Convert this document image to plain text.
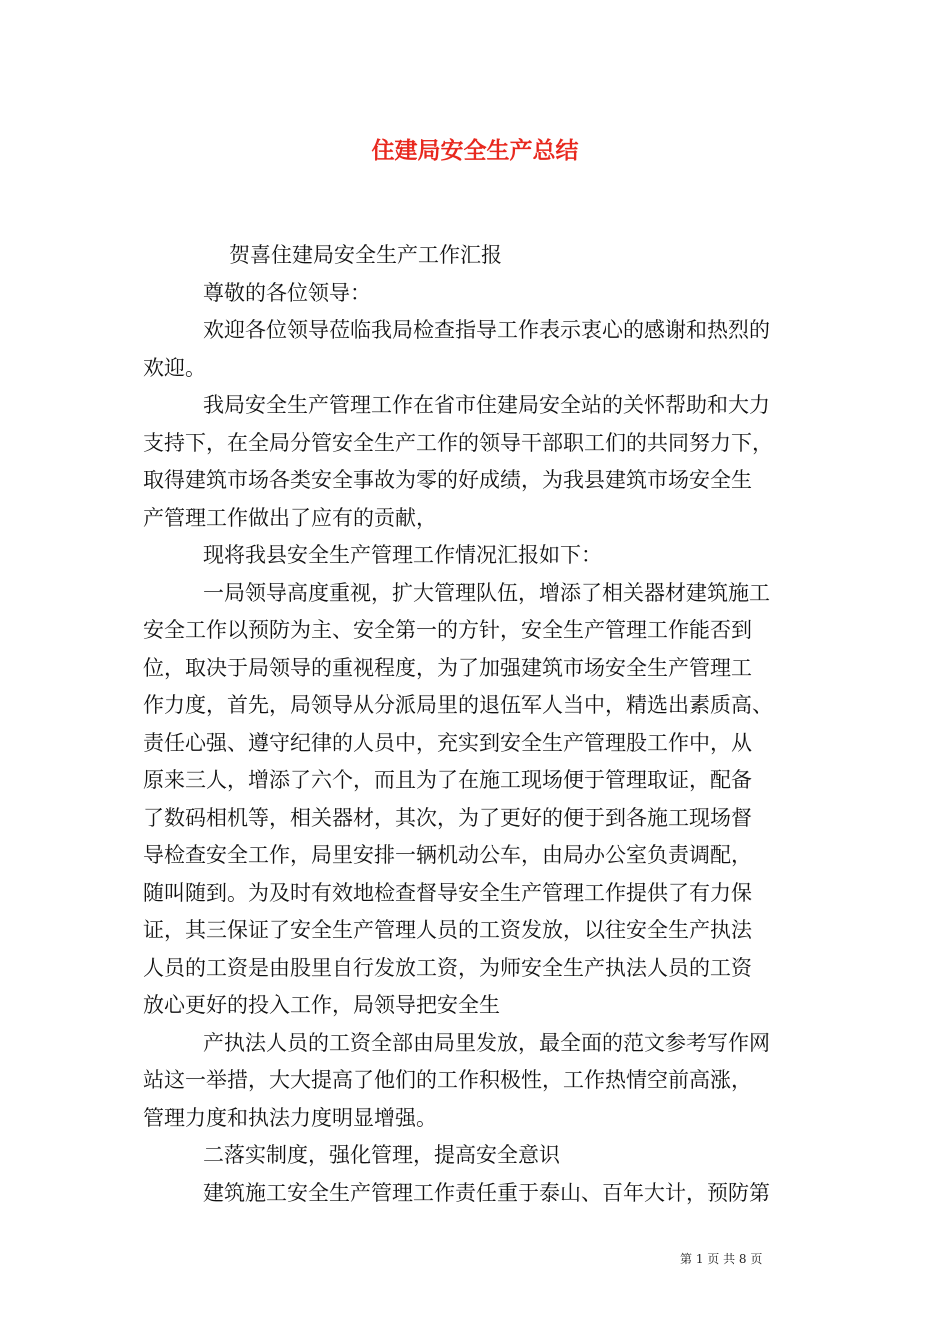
住建局安全生产总结
贺喜住建局安全生产工作汇报
尊敬的各位领导：
欢迎各位领导莅临我局检查指导工作表示衷心的感谢和热烈的
欢迎。
我局安全生产管理工作在省市住建局安全站的关怀帮助和大力
支持下，在全局分管安全生产工作的领导干部职工们的共同努力下，
取得建筑市场各类安全事故为零的好成绩，为我县建筑市场安全生
产管理工作做出了应有的贡献，
现将我县安全生产管理工作情况汇报如下：
一局领导高度重视，扩大管理队伍，增添了相关器材建筑施工
安全工作以预防为主、安全第一的方针，安全生产管理工作能否到
位，取决于局领导的重视程度，为了加强建筑市场安全生产管理工
作力度，首先，局领导从分派局里的退伍军人当中，精选出素质高、
责任心强、遵守纪律的人员中，充实到安全生产管理股工作中，从
原来三人，增添了六个，而且为了在施工现场便于管理取证，配备
了数码相机等，相关器材，其次，为了更好的便于到各施工现场督
导检查安全工作，局里安排一辆机动公车，由局办公室负责调配，
随叫随到。为及时有效地检查督导安全生产管理工作提供了有力保
证，其三保证了安全生产管理人员的工资发放，以往安全生产执法
人员的工资是由股里自行发放工资，为师安全生产执法人员的工资
放心更好的投入工作，局领导把安全生
产执法人员的工资全部由局里发放，最全面的范文参考写作网
站这一举措，大大提高了他们的工作积极性，工作热情空前高涨，
管理力度和执法力度明显增强。
二落实制度，强化管理，提高安全意识
建筑施工安全生产管理工作责任重于泰山、百年大计，预防第
第 1 页 共 8 页
